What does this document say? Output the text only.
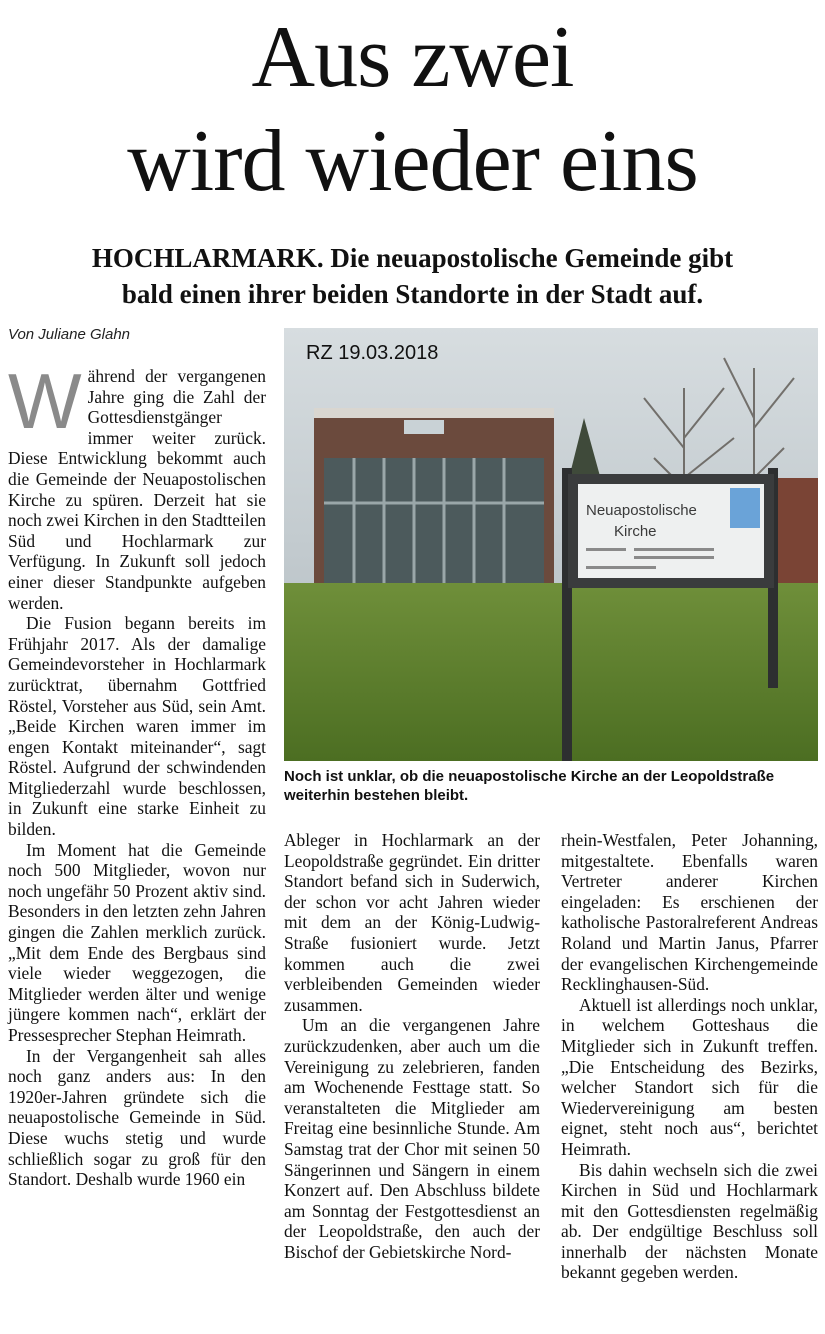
Aus zwei
wird wieder eins
HOCHLARMARK. Die neuapostolische Gemeinde gibt
bald einen ihrer beiden Standorte in der Stadt auf.
Von Juliane Glahn

Während der vergangenen Jahre ging die Zahl der Gottesdienstgänger immer weiter zurück. Diese Entwicklung bekommt auch die Gemeinde der Neuapostolischen Kirche zu spüren. Derzeit hat sie noch zwei Kirchen in den Stadtteilen Süd und Hochlarmark zur Verfügung. In Zukunft soll jedoch einer dieser Standpunkte aufgeben werden.

Die Fusion begann bereits im Frühjahr 2017. Als der damalige Gemeindevorsteher in Hochlarmark zurücktrat, übernahm Gottfried Röstel, Vorsteher aus Süd, sein Amt. „Beide Kirchen waren immer im engen Kontakt miteinander“, sagt Röstel. Aufgrund der schwindenden Mitgliederzahl wurde beschlossen, in Zukunft eine starke Einheit zu bilden.

Im Moment hat die Gemeinde noch 500 Mitglieder, wovon nur noch ungefähr 50 Prozent aktiv sind. Besonders in den letzten zehn Jahren gingen die Zahlen merklich zurück. „Mit dem Ende des Bergbaus sind viele wieder weggezogen, die Mitglieder werden älter und wenige jüngere kommen nach“, erklärt der Pressesprecher Stephan Heimrath.

In der Vergangenheit sah alles noch ganz anders aus: In den 1920er-Jahren gründete sich die neuapostolische Gemeinde in Süd. Diese wuchs stetig und wurde schließlich sogar zu groß für den Standort. Deshalb wurde 1960 ein

Neuapostolische
Kirche
RZ 19.03.2018
Noch ist unklar, ob die neuapostolische Kirche an der Leopoldstraße weiterhin bestehen bleibt.

Ableger in Hochlarmark an der Leopoldstraße gegründet. Ein dritter Standort befand sich in Suderwich, der schon vor acht Jahren wieder mit dem an der König-Ludwig-Straße fusioniert wurde. Jetzt kommen auch die zwei verbleibenden Gemeinden wieder zusammen.

Um an die vergangenen Jahre zurückzudenken, aber auch um die Vereinigung zu zelebrieren, fanden am Wochenende Festtage statt. So veranstalteten die Mitglieder am Freitag eine besinnliche Stunde. Am Samstag trat der Chor mit seinen 50 Sängerinnen und Sängern in einem Konzert auf. Den Abschluss bildete am Sonntag der Festgottesdienst an der Leopoldstraße, den auch der Bischof der Gebietskirche Nord-

rhein-Westfalen, Peter Johanning, mitgestaltete. Ebenfalls waren Vertreter anderer Kirchen eingeladen: Es erschienen der katholische Pastoralreferent Andreas Roland und Martin Janus, Pfarrer der evangelischen Kirchengemeinde Recklinghausen-Süd.

Aktuell ist allerdings noch unklar, in welchem Gotteshaus die Mitglieder sich in Zukunft treffen. „Die Entscheidung des Bezirks, welcher Standort sich für die Wiedervereinigung am besten eignet, steht noch aus“, berichtet Heimrath.

Bis dahin wechseln sich die zwei Kirchen in Süd und Hochlarmark mit den Gottesdiensten regelmäßig ab. Der endgültige Beschluss soll innerhalb der nächsten Monate bekannt gegeben werden.
